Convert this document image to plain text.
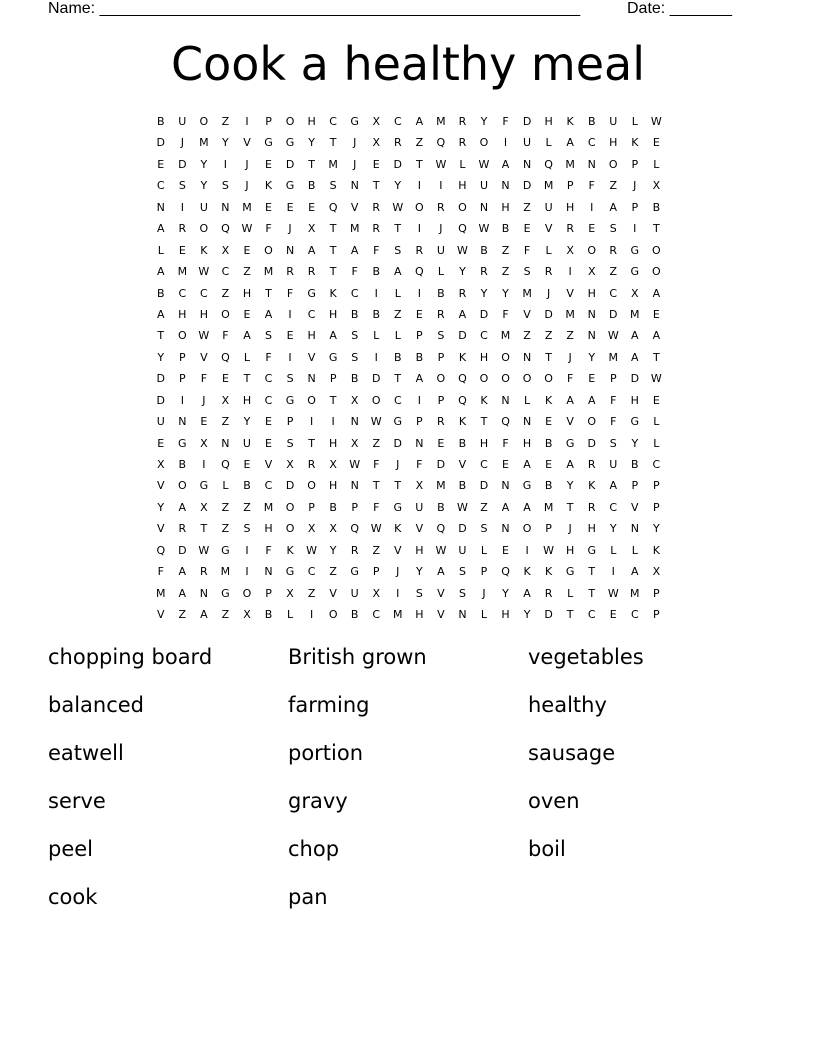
Name: ______________________________________________________	Date: _______
Cook a healthy meal
B	U	O	Z	I	P	O	H	C	G	X	C	A	M	R	Y	F	D	H	K	B	U	L	W
D	J	M	Y	V	G	G	Y	T	J	X	R	Z	Q	R	O	I	U	L	A	C	H	K	E
E	D	Y	I	J	E	D	T	M	J	E	D	T	W	L	W	A	N	Q	M	N	O	P	L
C	S	Y	S	J	K	G	B	S	N	T	Y	I	I	H	U	N	D	M	P	F	Z	J	X
N	I	U	N	M	E	E	E	Q	V	R	W	O	R	O	N	H	Z	U	H	I	A	P	B
A	R	O	Q	W	F	J	X	T	M	R	T	I	J	Q	W	B	E	V	R	E	S	I	T
L	E	K	X	E	O	N	A	T	A	F	S	R	U	W	B	Z	F	L	X	O	R	G	O
A	M	W	C	Z	M	R	R	T	F	B	A	Q	L	Y	R	Z	S	R	I	X	Z	G	O
B	C	C	Z	H	T	F	G	K	C	I	L	I	B	R	Y	Y	M	J	V	H	C	X	A
A	H	H	O	E	A	I	C	H	B	B	Z	E	R	A	D	F	V	D	M	N	D	M	E
T	O	W	F	A	S	E	H	A	S	L	L	P	S	D	C	M	Z	Z	Z	N	W	A	A
Y	P	V	Q	L	F	I	V	G	S	I	B	B	P	K	H	O	N	T	J	Y	M	A	T
D	P	F	E	T	C	S	N	P	B	D	T	A	O	Q	O	O	O	O	F	E	P	D	W
D	I	J	X	H	C	G	O	T	X	O	C	I	P	Q	K	N	L	K	A	A	F	H	E
U	N	E	Z	Y	E	P	I	I	N	W	G	P	R	K	T	Q	N	E	V	O	F	G	L
E	G	X	N	U	E	S	T	H	X	Z	D	N	E	B	H	F	H	B	G	D	S	Y	L
X	B	I	Q	E	V	X	R	X	W	F	J	F	D	V	C	E	A	E	A	R	U	B	C
V	O	G	L	B	C	D	O	H	N	T	T	X	M	B	D	N	G	B	Y	K	A	P	P
Y	A	X	Z	Z	M	O	P	B	P	F	G	U	B	W	Z	A	A	M	T	R	C	V	P
V	R	T	Z	S	H	O	X	X	Q	W	K	V	Q	D	S	N	O	P	J	H	Y	N	Y
Q	D	W	G	I	F	K	W	Y	R	Z	V	H	W	U	L	E	I	W	H	G	L	L	K
F	A	R	M	I	N	G	C	Z	G	P	J	Y	A	S	P	Q	K	K	G	T	I	A	X
M	A	N	G	O	P	X	Z	V	U	X	I	S	V	S	J	Y	A	R	L	T	W	M	P
V	Z	A	Z	X	B	L	I	O	B	C	M	H	V	N	L	H	Y	D	T	C	E	C	P
chopping board	British grown	vegetables
balanced	farming	healthy
eatwell	portion	sausage
serve	gravy	oven
peel	chop	boil
cook	pan
